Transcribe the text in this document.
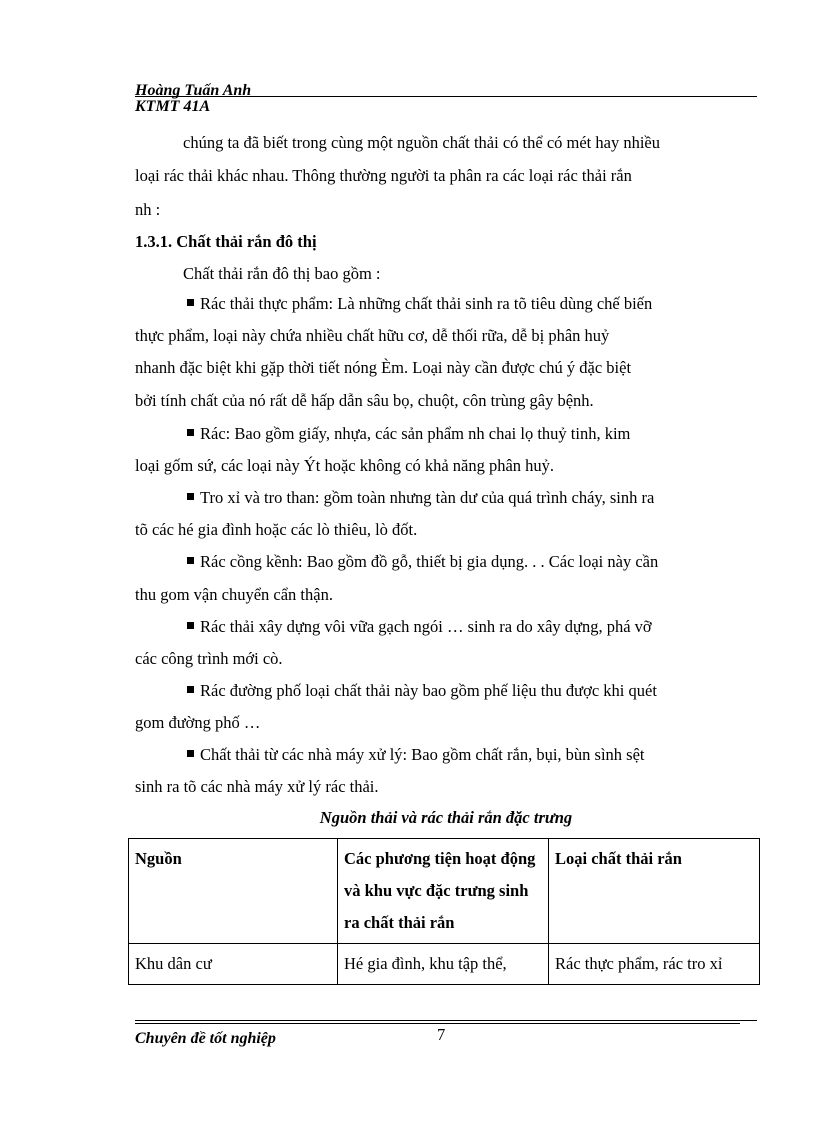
Hoàng Tuấn Anh
KTMT 41A
chúng ta đã biết trong cùng một nguồn chất thải có thể có mét hay nhiều
loại rác thải khác nhau. Thông thường người ta phân ra các loại rác thải rắn
nh :
1.3.1. Chất thải rắn đô thị
Chất thải rắn đô thị bao gồm :
Rác thải thực phẩm: Là những chất thải sinh ra tõ tiêu dùng chế biến
thực phẩm, loại này chứa nhiều chất hữu cơ, dễ thối rữa, dễ bị phân huỷ
nhanh đặc biệt khi gặp thời tiết nóng Èm. Loại này cần được chú ý đặc biệt
bởi tính chất của nó rất dễ hấp dẫn sâu bọ, chuột, côn trùng gây bệnh.
Rác: Bao gồm giấy, nhựa, các sản phẩm nh chai lọ thuỷ tinh, kim
loại gốm sứ, các loại này Ýt hoặc không có khả năng phân huỷ.
Tro xỉ và tro than: gồm toàn nhưng tàn dư của quá trình cháy, sinh ra
tõ các hé gia đình hoặc các lò thiêu, lò đốt.
Rác cồng kềnh: Bao gồm đồ gỗ, thiết bị gia dụng. . . Các loại này cần
thu gom vận chuyển cẩn thận.
Rác thải xây dựng vôi vữa gạch ngói … sinh ra do xây dựng, phá vỡ
các công trình mới cò.
Rác đường phố loại chất thải này bao gồm phế liệu thu được khi quét
gom đường phố …
Chất thải từ các nhà máy xử lý: Bao gồm chất rắn, bụi, bùn sình sệt
sinh ra tõ các nhà máy xử lý rác thải.
Nguồn thải và rác thải rắn đặc trưng
Nguồn	Các phương tiện hoạt động và khu vực đặc trưng sinh ra chất thải rắn	Loại chất thải rắn
Khu dân cư	Hé gia đình, khu tập thể,	Rác thực phẩm, rác tro xỉ
Chuyên đề tốt nghiệp	7
